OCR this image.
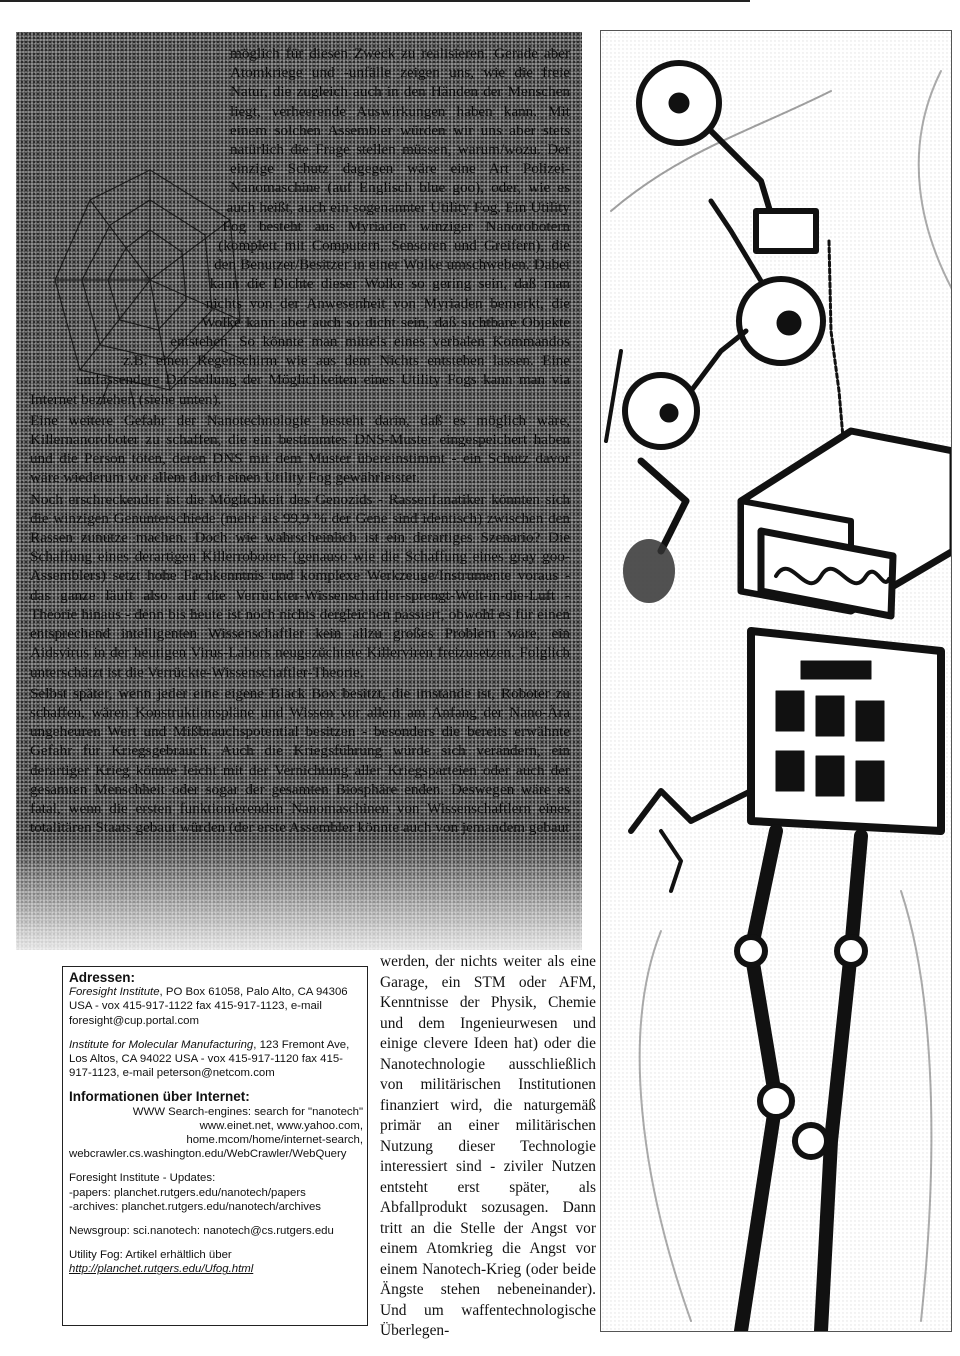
möglich für diesen Zweck zu realisieren. Gerade aber Atomkriege und -unfälle zeigen uns, wie die freie Natur, die zugleich auch in den Händen der Menschen liegt, verheerende Auswirkungen haben kann. Mit einem solchen Assembler würden wir uns aber stets natürlich die Frage stellen müssen, warum/wozu. Der einzige Schutz dagegen wäre eine Art Polizei-Nanomaschine (auf Englisch blue goo), oder, wie es auch heißt, auch ein sogenannter Utility Fog. Ein Utility Fog besteht aus Myriaden winziger Nanorobotern (komplett mit Computern, Sensoren und Greifern), die den Benutzer/Besitzer in einer Wolke umschweben. Dabei kann die Dichte dieser Wolke so gering sein, daß man nichts von der Anwesenheit von Myriaden bemerkt, die Wolke kann aber auch so dicht sein, daß sichtbare Objekte entstehen. So könnte man mittels eines verbalen Kommandos z.B. einen Regenschirm wie aus dem Nichts entstehen lassen. Eine umfassendere Darstellung der Möglichkeiten eines Utility Fogs kann man via Internet beziehen (siehe unten).

Eine weitere Gefahr der Nanotechnologie besteht darin, daß es möglich wäre, Killernanoroboter zu schaffen, die ein bestimmtes DNS-Muster eingespeichert haben und die Person töten, deren DNS mit dem Muster übereinstimmt - ein Schutz davor wäre wiederum vor allem durch einen Utility Fog gewährleistet.

Noch erschreckender ist die Möglichkeit des Genozids - Rassenfanatiker könnten sich die winzigen Genunterschiede (mehr als 99,9 % der Gene sind identisch) zwischen den Rassen zunutze machen. Doch wie wahrscheinlich ist ein derartiges Szenario? Die Schaffung eines derartigen Killerroboters (genauso wie die Schaffung eines gray goo-Assemblers) setzt hohe Fachkenntnis und komplexe Werkzeuge/Instrumente voraus - das ganze läuft also auf die Verrückter-Wissenschaftler-sprengt-Welt-in-die-Luft - Theorie hinaus - denn bis heute ist noch nichts dergleichen passiert, obwohl es für einen entsprechend intelligenten Wissenschaftler kein allzu großes Problem wäre, ein Aidsvirus in der heutigen Virus-Labors neugezüchtete Killerviren freizusetzen. Folglich unterschätzt ist die Verrückte-Wissenschaftler-Theorie.

Selbst später, wenn jeder eine eigene Black Box besitzt, die imstande ist, Roboter zu schaffen, wären Konstruktionspläne und Wissen vor allem am Anfang der Nano-Ära ungeheuren Wert und Mißbrauchspotential besitzen - besonders die bereits erwähnte Gefahr für Kriegsgebrauch. Auch die Kriegsführung würde sich verändern, ein derartiger Krieg könnte leicht mit der Vernichtung aller Kriegsparteien oder auch der gesamten Menschheit oder sogar der gesamten Biosphäre enden. Deswegen wäre es fatal, wenn die ersten funktionierenden Nanomaschinen von Wissenschaftlern eines totalitären Staats gebaut würden (der erste Assembler könnte auch von jemandem gebaut

werden, der nichts weiter als eine Garage, ein STM oder AFM, Kenntnisse der Physik, Chemie und dem Ingenieurwesen und einige clevere Ideen hat) oder die Nanotechnologie ausschließlich von militärischen Institutionen finanziert wird, die naturgemäß primär an einer militärischen Nutzung dieser Technologie interessiert sind - ziviler Nutzen entsteht erst später, als Abfallprodukt sozusagen. Dann tritt an die Stelle der Angst vor einem Atomkrieg die Angst vor einem Nanotech-Krieg (oder beide Ängste stehen nebeneinander). Und um waffentechnologische Überlegen-
Adressen:
Foresight Institute, PO Box 61058, Palo Alto, CA 94306 USA - vox 415-917-1122 fax 415-917-1123, e-mail foresight@cup.portal.com
Institute for Molecular Manufacturing, 123 Fremont Ave, Los Altos, CA 94022 USA - vox 415-917-1120 fax 415-917-1123, e-mail peterson@netcom.com
Informationen über Internet:
WWW Search-engines: search for "nanotech"
www.einet.net, www.yahoo.com,
home.mcom/home/internet-search,
webcrawler.cs.washington.edu/WebCrawler/WebQuery
Foresight Institute - Updates:
-papers: planchet.rutgers.edu/nanotech/papers
-archives: planchet.rutgers.edu/nanotech/archives
Newsgroup: sci.nanotech: nanotech@cs.rutgers.edu
Utility Fog: Artikel erhältlich über
http://planchet.rutgers.edu/Ufog.html
